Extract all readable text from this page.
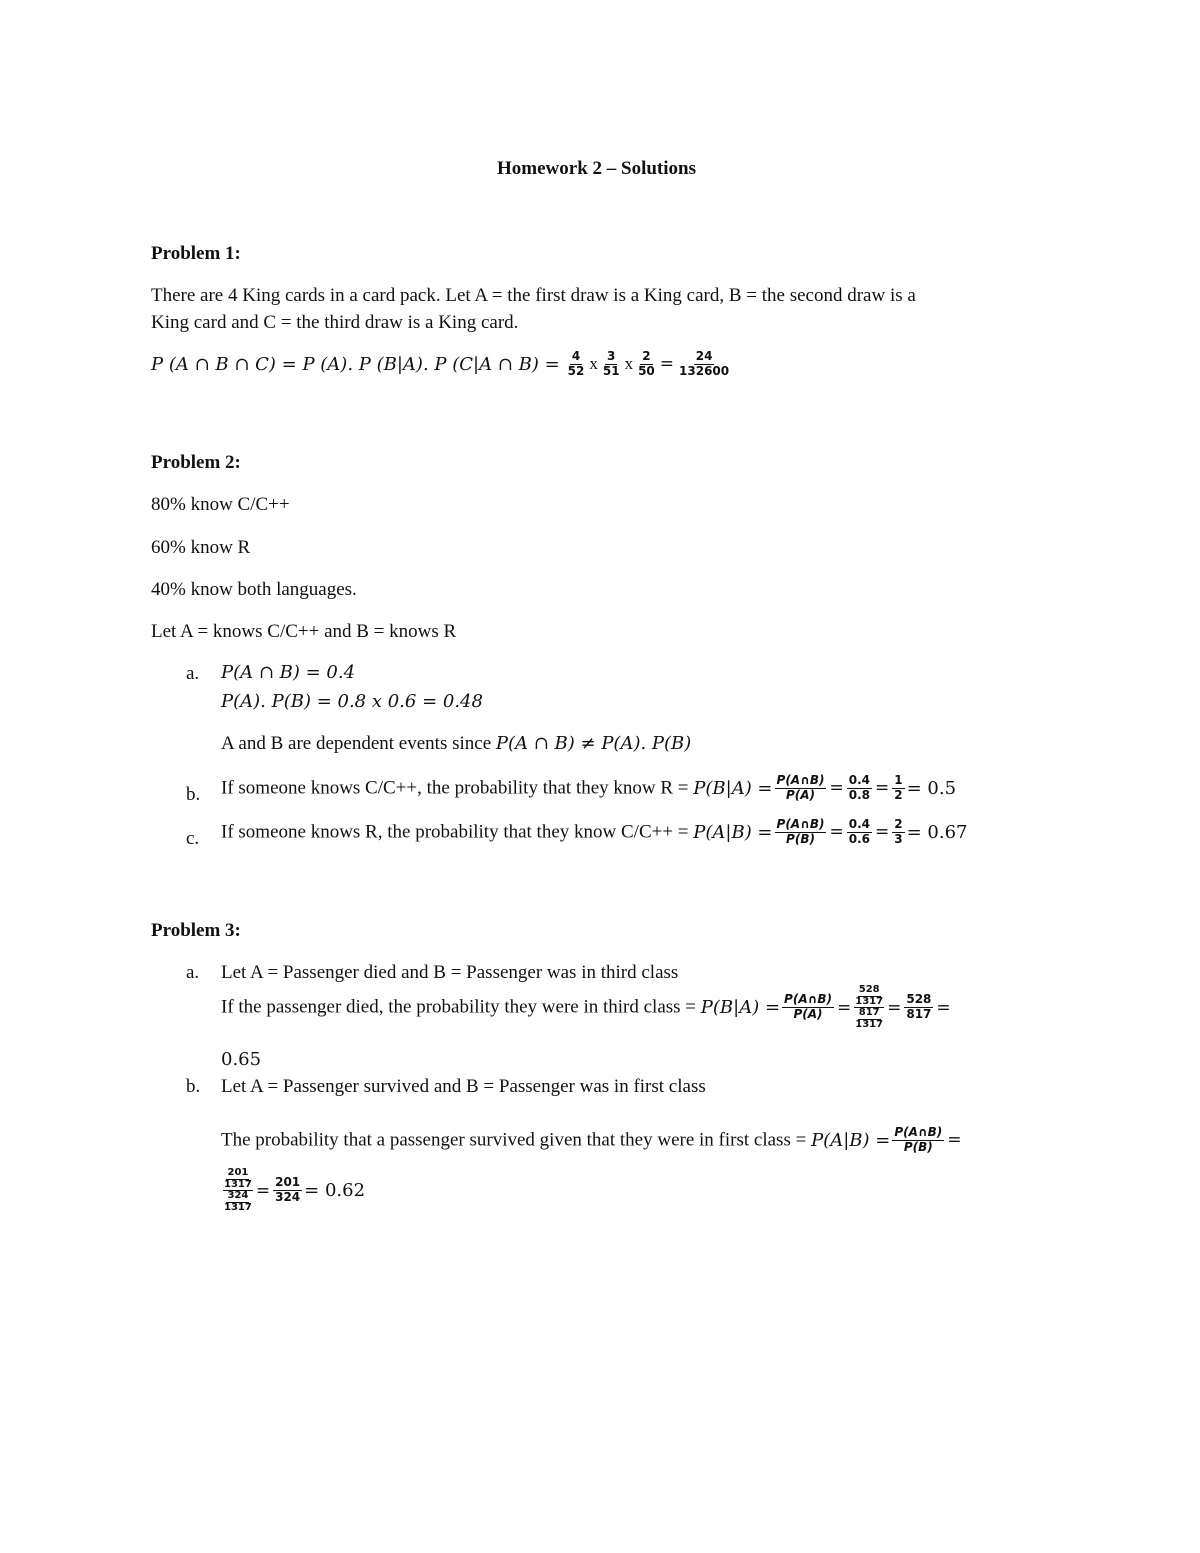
Homework 2 – Solutions
Problem 1:
There are 4 King cards in a card pack. Let A = the first draw is a King card, B = the second draw is a
King card and C = the third draw is a King card.
P (A ∩ B ∩ C) = P (A). P (B|A). P (C|A ∩ $B) = \frac{4}{52}$ x $\frac{3}{51}$ x $\frac{2}{50} = \frac{24}{132600}$
Problem 2:
80% know C/C++
60% know R
40% know both languages.
Let A = knows C/C++ and B = knows R
a. P(A ∩ B) = 0.4
P(A). P(B) = 0.8 x 0.6 = 0.48
A and B are dependent events since P(A ∩ B) ≠ P(A). P(B)
b. If someone knows C/C++, the probability that they know $R = P(B|A) = \frac{P(A\cap B)}{P(A)} = \frac{0.4}{0.8} = \frac{1}{2} = 0.5$
c. If someone knows R, the probability that they know $C/C++ = P(A|B) = \frac{P(A\cap B)}{P(B)} = \frac{0.4}{0.6} = \frac{2}{3} = 0.67$
Problem 3:
a. Let A = Passenger died and B = Passenger was in third class
If the passenger died, the probability they were in third class = $P(B|A) = \frac{P(A\cap B)}{P(A)} = 528$
1317
817
$1317 = \frac{528}{817}$ =
0.65
b. Let A = Passenger survived and B = Passenger was in first class
The probability that a passenger survived given that they were in first class = $P(A|B) = \frac{P(A\cap B)}{P(B)}$ =
201
1317
324
$1317 = \frac{201}{324} = 0.62$
